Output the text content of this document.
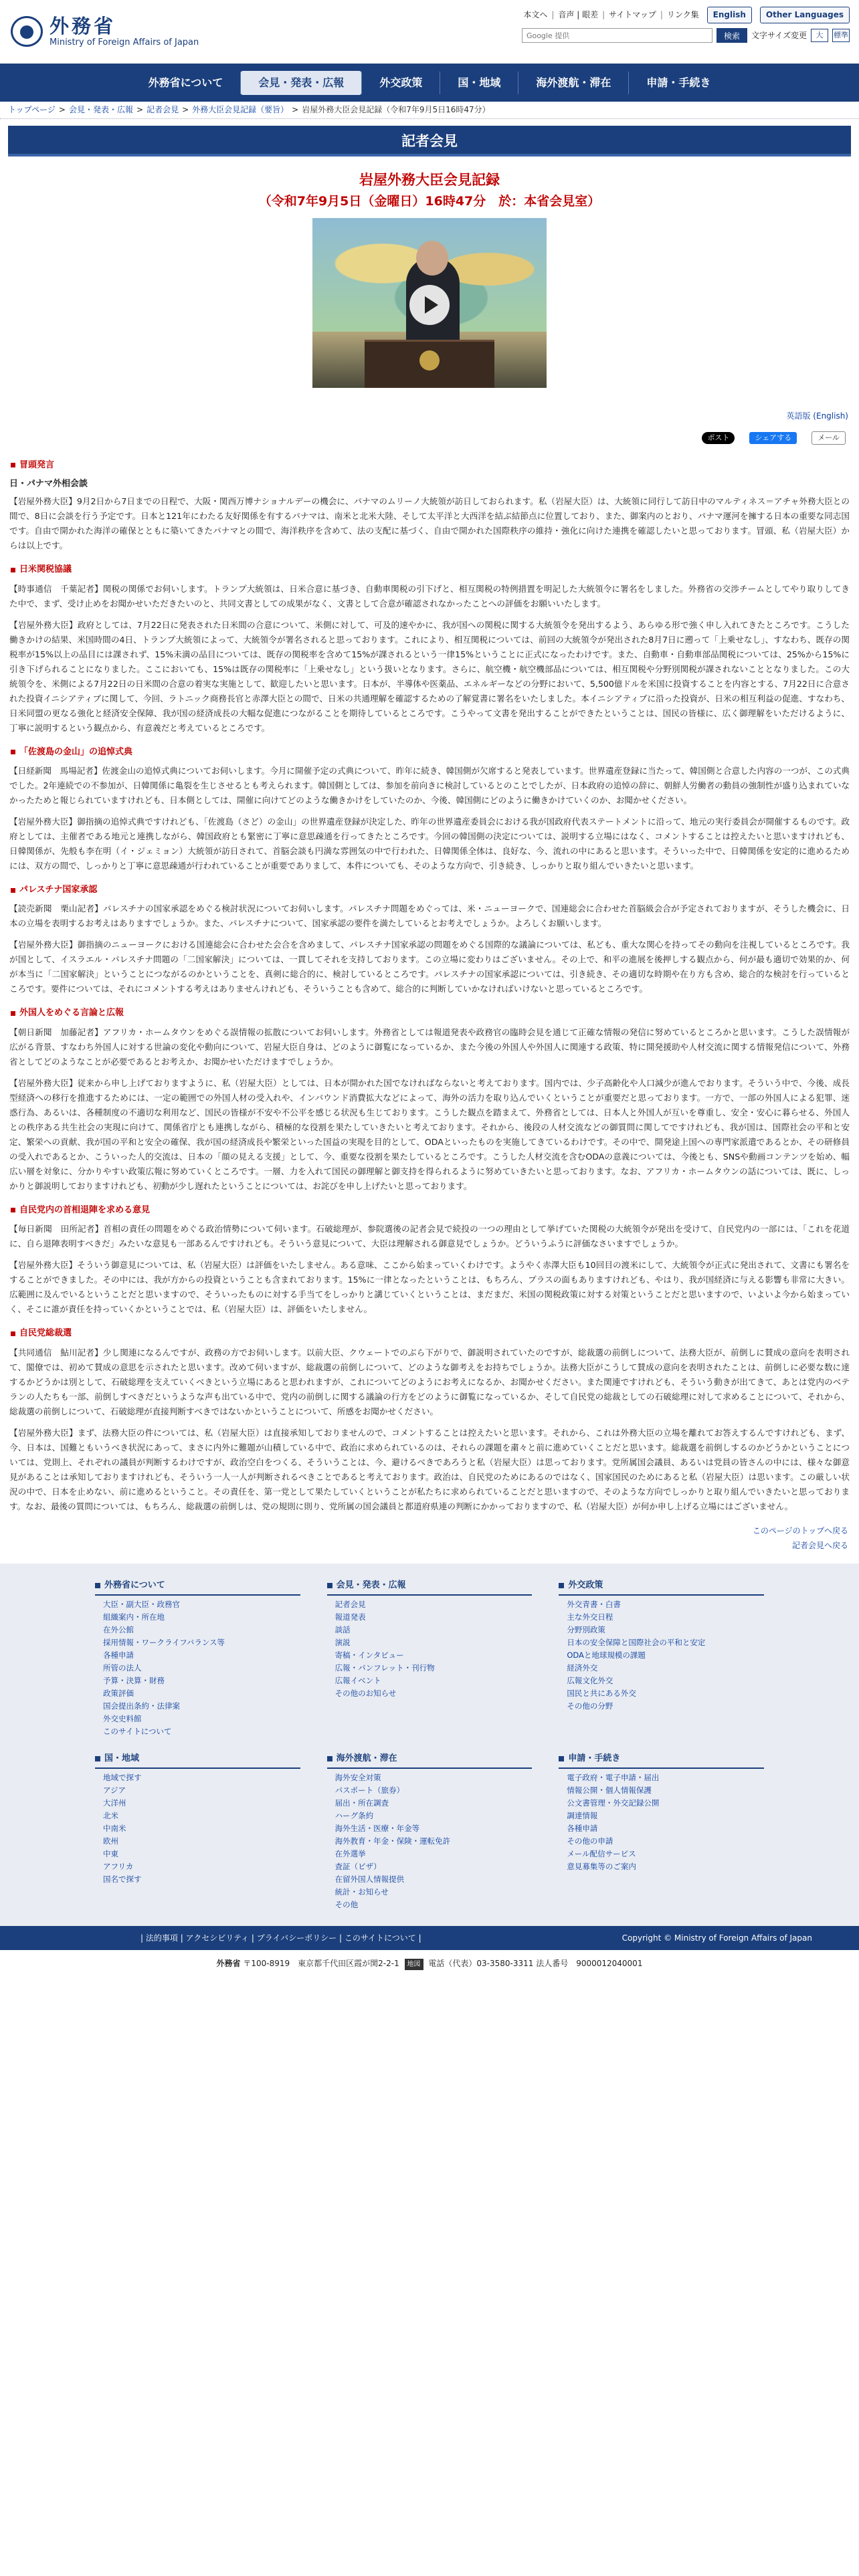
外務省
Ministry of Foreign Affairs of Japan
本文へ | 音声 | 眼差 | サイトマップ | リンク集	English	Other Languages
Google 提供
検索	文字サイズ変更	大	標準
外務省について	会見・発表・広報	外交政策	国・地域	海外渡航・滞在	申請・手続き
トップページ > 会見・発表・広報 > 記者会見 > 外務大臣会見記録（要旨） > 岩屋外務大臣会見記録（令和7年9月5日16時47分）
記者会見
岩屋外務大臣会見記録
（令和7年9月5日（金曜日）16時47分　於：本省会見室）
英語版 (English)
ポスト	シェアする	メール
冒頭発言
日・パナマ外相会談
【岩屋外務大臣】9月2日から7日までの日程で、大阪・関西万博ナショナルデーの機会に、パナマのムリーノ大統領が訪日しておられます。私（岩屋大臣）は、大統領に同行して訪日中のマルティネス＝アチャ外務大臣との間で、8日に会談を行う予定です。日本と121年にわたる友好関係を有するパナマは、南米と北米大陸、そして太平洋と大西洋を結ぶ結節点に位置しており、また、御案内のとおり、パナマ運河を擁する日本の重要な同志国です。自由で開かれた海洋の確保とともに築いてきたパナマとの間で、海洋秩序を含めて、法の支配に基づく、自由で開かれた国際秩序の維持・強化に向けた連携を確認したいと思っております。冒頭、私（岩屋大臣）からは以上です。
日米関税協議
【時事通信　千葉記者】関税の関係でお伺いします。トランプ大統領は、日米合意に基づき、自動車関税の引下げと、相互関税の特例措置を明記した大統領令に署名をしました。外務省の交渉チームとしてやり取りしてきた中で、まず、受け止めをお聞かせいただきたいのと、共同文書としての成果がなく、文書として合意が確認されなかったことへの評価をお願いいたします。
【岩屋外務大臣】政府としては、7月22日に発表された日米間の合意について、米側に対して、可及的速やかに、我が国への関税に関する大統領令を発出するよう、あらゆる形で強く申し入れてきたところです。こうした働きかけの結果、米国時間の4日、トランプ大統領によって、大統領令が署名されると思っております。これにより、相互関税については、前回の大統領令が発出された8月7日に遡って「上乗せなし」、すなわち、既存の関税率が15%以上の品目には課されず、15%未満の品目については、既存の関税率を含めて15%が課されるという一律15%ということに正式になったわけです。また、自動車・自動車部品関税については、25%から15%に引き下げられることになりました。ここにおいても、15%は既存の関税率に「上乗せなし」という扱いとなります。さらに、航空機・航空機部品については、相互関税や分野別関税が課されないこととなりました。この大統領令を、米側による7月22日の日米間の合意の着実な実施として、歓迎したいと思います。日本が、半導体や医薬品、エネルギーなどの分野において、5,500億ドルを米国に投資することを内容とする、7月22日に合意された投資イニシアティブに関して、今回、ラトニック商務長官と赤澤大臣との間で、日米の共通理解を確認するための了解覚書に署名をいたしました。本イニシアティブに沿った投資が、日米の相互利益の促進、すなわち、日米同盟の更なる強化と経済安全保障、我が国の経済成長の大幅な促進につながることを期待しているところです。こうやって文書を発出することができたということは、国民の皆様に、広く御理解をいただけるように、丁寧に説明するという観点から、有意義だと考えているところです。
「佐渡島の金山」の追悼式典
【日経新聞　馬場記者】佐渡金山の追悼式典についてお伺いします。今月に開催予定の式典について、昨年に続き、韓国側が欠席すると発表しています。世界遺産登録に当たって、韓国側と合意した内容の一つが、この式典でした。2年連続での不参加が、日韓関係に亀裂を生じさせるとも考えられます。韓国側としては、参加を前向きに検討しているとのことでしたが、日本政府の追悼の辞に、朝鮮人労働者の動員の強制性が盛り込まれていなかったためと報じられていますけれども、日本側としては、開催に向けてどのような働きかけをしていたのか、今後、韓国側にどのように働きかけていくのか、お聞かせください。
【岩屋外務大臣】御指摘の追悼式典ですけれども、「佐渡島（さど）の金山」の世界遺産登録が決定した、昨年の世界遺産委員会における我が国政府代表ステートメントに沿って、地元の実行委員会が開催するものです。政府としては、主催者である地元と連携しながら、韓国政府とも緊密に丁寧に意思疎通を行ってきたところです。今回の韓国側の決定については、説明する立場にはなく、コメントすることは控えたいと思いますけれども、日韓関係が、先般も李在明（イ・ジェミョン）大統領が訪日されて、首脳会談も円満な雰囲気の中で行われた、日韓関係全体は、良好な、今、流れの中にあると思います。そういった中で、日韓関係を安定的に進めるためには、双方の間で、しっかりと丁寧に意思疎通が行われていることが重要でありまして、本件についても、そのような方向で、引き続き、しっかりと取り組んでいきたいと思います。
パレスチナ国家承認
【読売新聞　栗山記者】パレスチナの国家承認をめぐる検討状況についてお伺いします。パレスチナ問題をめぐっては、米・ニューヨークで、国連総会に合わせた首脳級会合が予定されておりますが、そうした機会に、日本の立場を表明するお考えはありますでしょうか。また、パレスチナについて、国家承認の要件を満たしているとお考えでしょうか。よろしくお願いします。
【岩屋外務大臣】御指摘のニューヨークにおける国連総会に合わせた会合を含めまして、パレスチナ国家承認の問題をめぐる国際的な議論については、私ども、重大な関心を持ってその動向を注視しているところです。我が国として、イスラエル・パレスチナ問題の「二国家解決」については、一貫してそれを支持しております。この立場に変わりはございません。その上で、和平の進展を後押しする観点から、何が最も適切で効果的か、何が本当に「二国家解決」ということにつながるのかということを、真剣に総合的に、検討しているところです。パレスチナの国家承認については、引き続き、その適切な時期や在り方も含め、総合的な検討を行っているところです。要件については、それにコメントする考えはありませんけれども、そういうことも含めて、総合的に判断していかなければいけないと思っているところです。
外国人をめぐる言論と広報
【朝日新聞　加藤記者】アフリカ・ホームタウンをめぐる誤情報の拡散についてお伺いします。外務省としては報道発表や政務官の臨時会見を通じて正確な情報の発信に努めているところかと思います。こうした誤情報が広がる背景、すなわち外国人に対する世論の変化や動向について、岩屋大臣自身は、どのように御覧になっているか、また今後の外国人や外国人に関連する政策、特に開発援助や人材交流に関する情報発信について、外務省としてどのようなことが必要であるとお考えか、お聞かせいただけますでしょうか。
【岩屋外務大臣】従来から申し上げておりますように、私（岩屋大臣）としては、日本が開かれた国でなければならないと考えております。国内では、少子高齢化や人口減少が進んでおります。そういう中で、今後、成長型経済への移行を推進するためには、一定の範囲での外国人材の受入れや、インバウンド消費拡大などによって、海外の活力を取り込んでいくということが重要だと思っております。一方で、一部の外国人による犯罪、迷惑行為、あるいは、各種制度の不適切な利用など、国民の皆様が不安や不公平を感じる状況も生じております。こうした観点を踏まえて、外務省としては、日本人と外国人が互いを尊重し、安全・安心に暮らせる、外国人との秩序ある共生社会の実現に向けて、関係省庁とも連携しながら、積極的な役割を果たしていきたいと考えております。それから、後段の人材交流などの御質問に関してですけれども、我が国は、国際社会の平和と安定、繁栄への貢献、我が国の平和と安全の確保、我が国の経済成長や繁栄といった国益の実現を目的として、ODAといったものを実施してきているわけです。その中で、開発途上国への専門家派遣であるとか、その研修員の受入れであるとか、こういった人的交流は、日本の「顔の見える支援」として、今、重要な役割を果たしているところです。こうした人材交流を含むODAの意義については、今後とも、SNSや動画コンテンツを始め、幅広い層を対象に、分かりやすい政策広報に努めていくところです。一層、力を入れて国民の御理解と御支持を得られるように努めていきたいと思っております。なお、アフリカ・ホームタウンの話については、既に、しっかりと御説明しておりますけれども、初動が少し遅れたということについては、お詫びを申し上げたいと思っております。
自民党内の首相退陣を求める意見
【毎日新聞　田所記者】首相の責任の問題をめぐる政治情勢について伺います。石破総理が、参院選後の記者会見で続投の一つの理由として挙げていた関税の大統領令が発出を受けて、自民党内の一部には、「これを花道に、自ら退陣表明すべきだ」みたいな意見も一部あるんですけれども。そういう意見について、大臣は理解される御意見でしょうか。どういうふうに評価なさいますでしょうか。
【岩屋外務大臣】そういう御意見については、私（岩屋大臣）は評価をいたしません。ある意味、ここから始まっていくわけです。ようやく赤澤大臣も10回目の渡米にして、大統領令が正式に発出されて、文書にも署名をすることができました。その中には、我が方からの投資ということも含まれております。15%に一律となったということは、もちろん、プラスの面もありますけれども、やはり、我が国経済に与える影響も非常に大きい。広範囲に及んでいるということだと思いますので、そういったものに対する手当てをしっかりと講じていくということは、まだまだ、米国の関税政策に対する対策ということだと思いますので、いよいよ今から始まっていく、そこに誰が責任を持っていくかということでは、私（岩屋大臣）は、評価をいたしません。
自民党総裁選
【共同通信　鮎川記者】少し関連になるんですが、政務の方でお伺いします。以前大臣、クウェートでのぶら下がりで、御説明されていたのですが、総裁選の前倒しについて、法務大臣が、前倒しに賛成の意向を表明されて、閣僚では、初めて賛成の意思を示されたと思います。改めて伺いますが、総裁選の前倒しについて、どのような御考えをお持ちでしょうか。法務大臣がこうして賛成の意向を表明されたことは、前倒しに必要な数に達するかどうかは別として、石破総理を支えていくべきという立場にあると思われますが、これについてどのようにお考えになるか、お聞かせください。また関連ですけれども、そういう動きが出てきて、あとは党内のベテランの人たちも一部、前倒しすべきだというような声も出ている中で、党内の前倒しに関する議論の行方をどのように御覧になっているか、そして自民党の総裁としての石破総理に対して求めることについて、それから、総裁選の前倒しについて、石破総理が直接判断すべきではないかということについて、所感をお聞かせください。
【岩屋外務大臣】まず、法務大臣の件については、私（岩屋大臣）は直接承知しておりませんので、コメントすることは控えたいと思います。それから、これは外務大臣の立場を離れてお答えするんですけれども、まず、今、日本は、国難ともいうべき状況にあって、まさに内外に難題が山積している中で、政治に求められているのは、それらの課題を粛々と前に進めていくことだと思います。総裁選を前倒しするのかどうかということについては、党則上、それぞれの議員が判断するわけですが、政治空白をつくる、そういうことは、今、避けるべきであろうと私（岩屋大臣）は思っております。党所属国会議員、あるいは党員の皆さんの中には、様々な御意見があることは承知しておりますけれども、そういう一人一人が判断されるべきことであると考えております。政治は、自民党のためにあるのではなく、国家国民のためにあると私（岩屋大臣）は思います。この厳しい状況の中で、日本を止めない、前に進めるということ。その責任を、第一党として果たしていくということが私たちに求められていることだと思いますので、そのような方向でしっかりと取り組んでいきたいと思っております。なお、最後の質問については、もちろん、総裁選の前倒しは、党の規則に則り、党所属の国会議員と都道府県連の判断にかかっておりますので、私（岩屋大臣）が何か申し上げる立場にはございません。
このページのトップへ戻る
記者会見へ戻る
外務省について
大臣・副大臣・政務官
組織案内・所在地
在外公館
採用情報・ワークライフバランス等
各種申請
所管の法人
予算・決算・財務
政策評価
国会提出条約・法律案
外交史料館
このサイトについて
会見・発表・広報
記者会見
報道発表
談話
演説
寄稿・インタビュー
広報・パンフレット・刊行物
広報イベント
その他のお知らせ
外交政策
外交青書・白書
主な外交日程
分野別政策
日本の安全保障と国際社会の平和と安定
ODAと地球規模の課題
経済外交
広報文化外交
国民と共にある外交
その他の分野
国・地域
地域で探す
アジア
大洋州
北米
中南米
欧州
中東
アフリカ
国名で探す
海外渡航・滞在
海外安全対策
パスポート（旅券）
届出・所在調査
ハーグ条約
海外生活・医療・年金等
海外教育・年金・保険・運転免許
在外選挙
査証（ビザ）
在留外国人情報提供
統計・お知らせ
その他
申請・手続き
電子政府・電子申請・届出
情報公開・個人情報保護
公文書管理・外交記録公開
調達情報
各種申請
その他の申請
メール配信サービス
意見募集等のご案内
| 法的事項 | アクセシビリティ | プライバシーポリシー | このサイトについて |	Copyright © Ministry of Foreign Affairs of Japan
外務省 〒100-8919　東京都千代田区霞が関2-2-1 地図 電話（代表）03-3580-3311 法人番号　9000012040001
